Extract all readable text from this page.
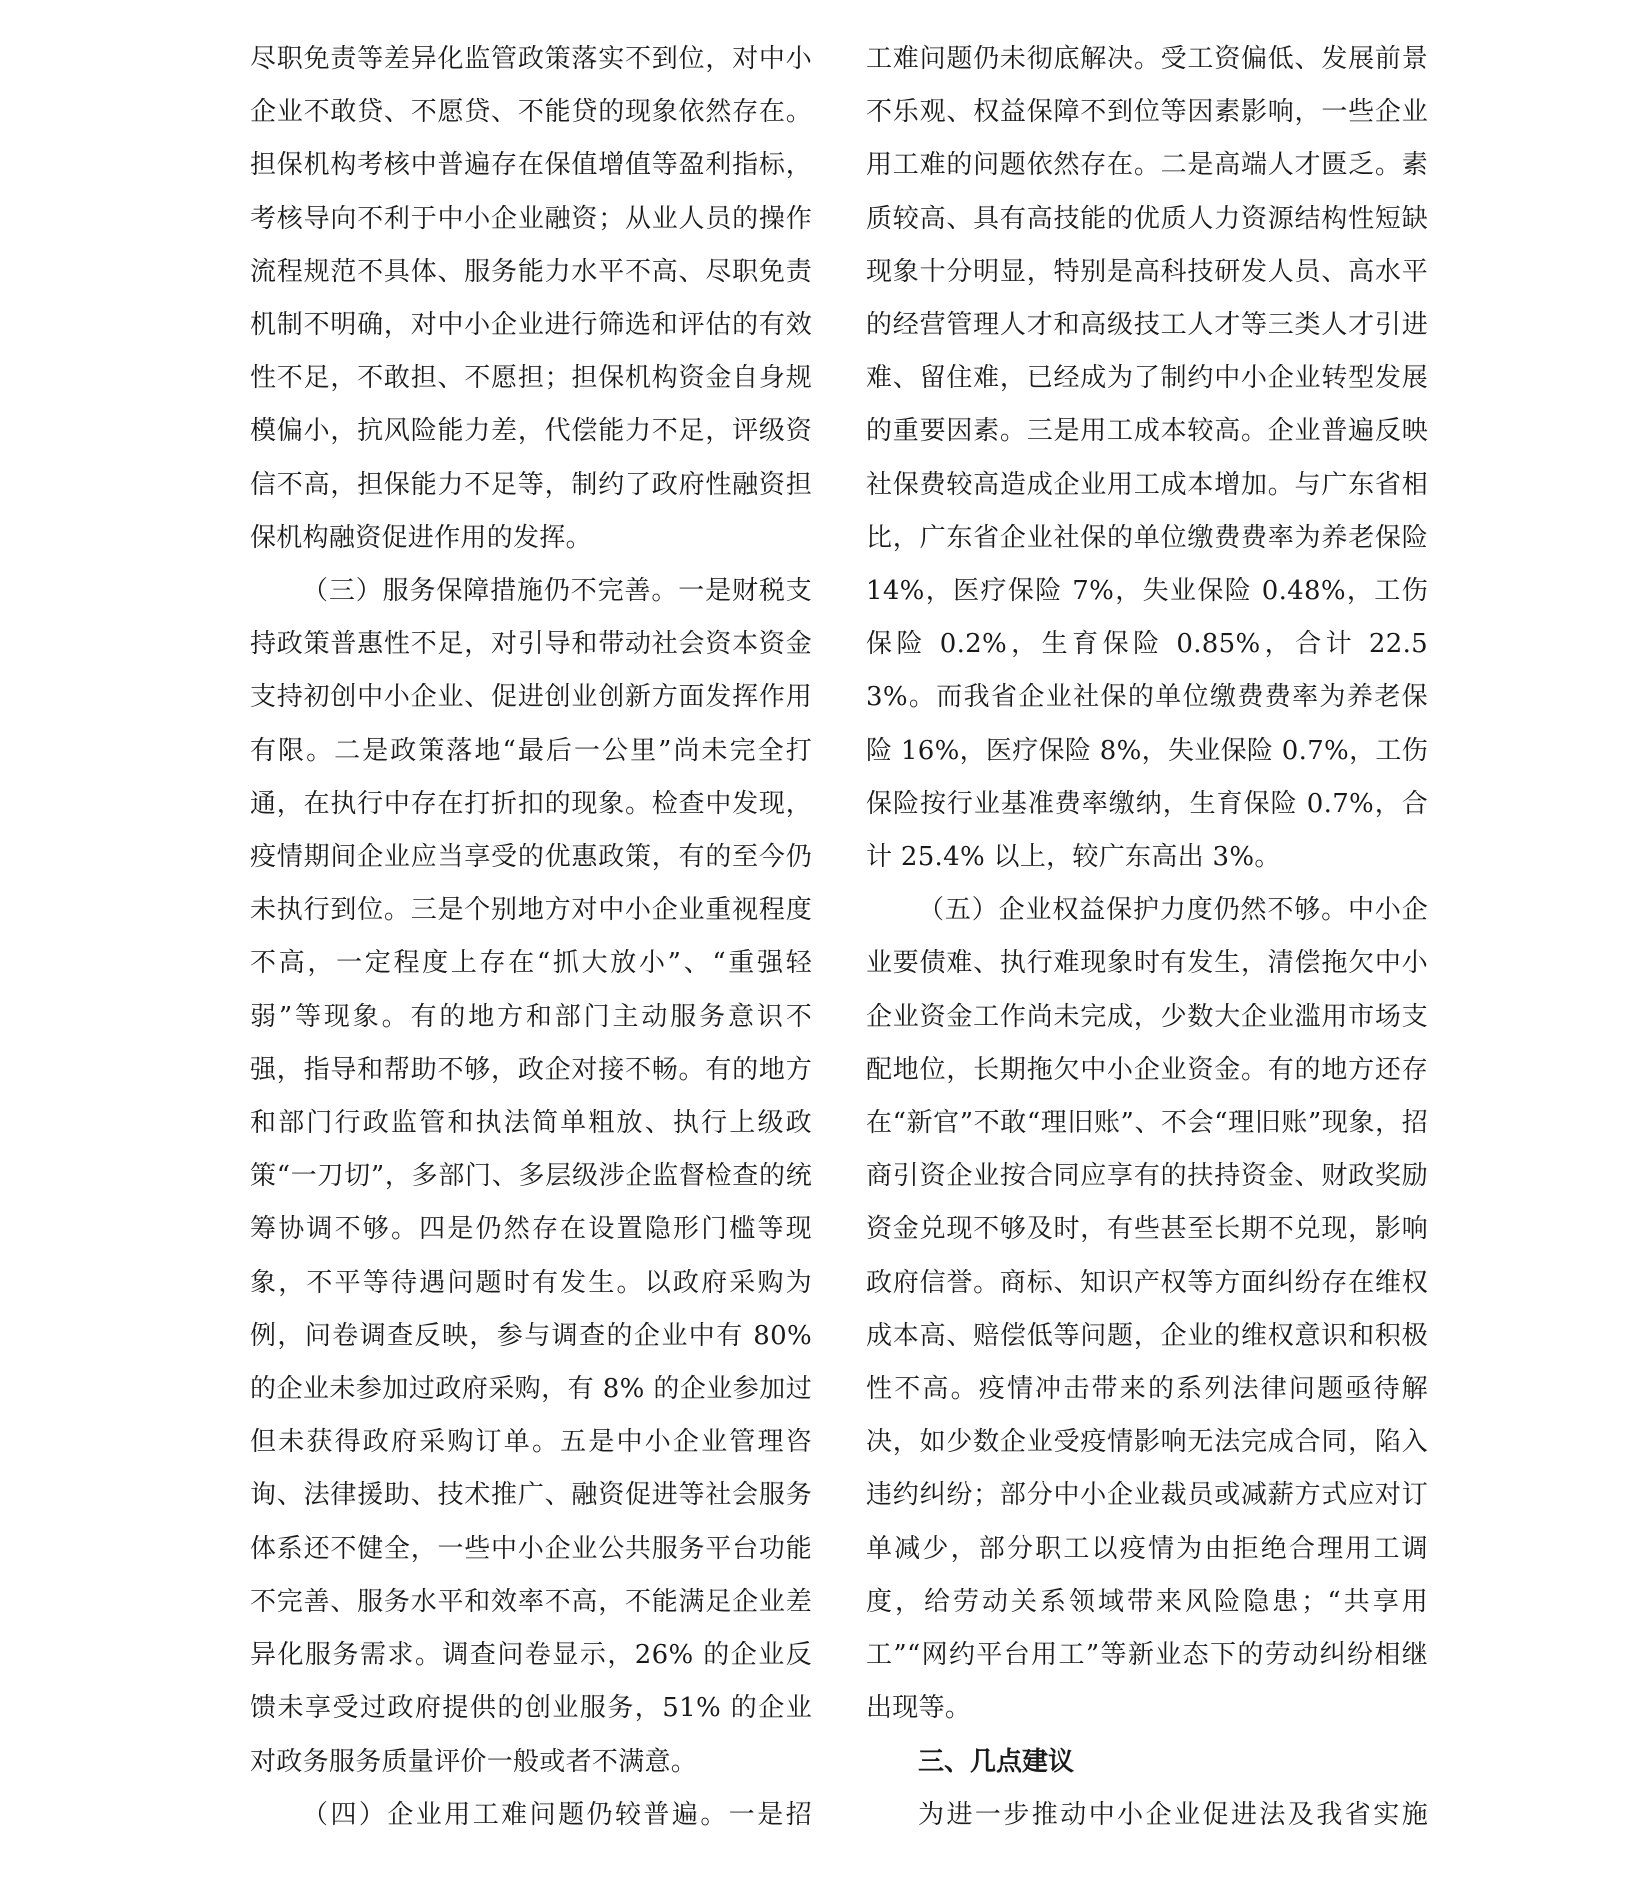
尽职免责等差异化监管政策落实不到位，对中小企业不敢贷、不愿贷、不能贷的现象依然存在。担保机构考核中普遍存在保值增值等盈利指标，考核导向不利于中小企业融资；从业人员的操作流程规范不具体、服务能力水平不高、尽职免责机制不明确，对中小企业进行筛选和评估的有效性不足，不敢担、不愿担；担保机构资金自身规模偏小，抗风险能力差，代偿能力不足，评级资信不高，担保能力不足等，制约了政府性融资担保机构融资促进作用的发挥。

（三）服务保障措施仍不完善。一是财税支持政策普惠性不足，对引导和带动社会资本资金支持初创中小企业、促进创业创新方面发挥作用有限。二是政策落地“最后一公里”尚未完全打通，在执行中存在打折扣的现象。检查中发现，疫情期间企业应当享受的优惠政策，有的至今仍未执行到位。三是个别地方对中小企业重视程度不高，一定程度上存在“抓大放小”、“重强轻弱”等现象。有的地方和部门主动服务意识不强，指导和帮助不够，政企对接不畅。有的地方和部门行政监管和执法简单粗放、执行上级政策“一刀切”，多部门、多层级涉企监督检查的统筹协调不够。四是仍然存在设置隐形门槛等现象，不平等待遇问题时有发生。以政府采购为例，问卷调查反映，参与调查的企业中有 80% 的企业未参加过政府采购，有 8% 的企业参加过但未获得政府采购订单。五是中小企业管理咨询、法律援助、技术推广、融资促进等社会服务体系还不健全，一些中小企业公共服务平台功能不完善、服务水平和效率不高，不能满足企业差异化服务需求。调查问卷显示，26% 的企业反馈未享受过政府提供的创业服务，51% 的企业对政务服务质量评价一般或者不满意。

（四）企业用工难问题仍较普遍。一是招

工难问题仍未彻底解决。受工资偏低、发展前景不乐观、权益保障不到位等因素影响，一些企业用工难的问题依然存在。二是高端人才匮乏。素质较高、具有高技能的优质人力资源结构性短缺现象十分明显，特别是高科技研发人员、高水平的经营管理人才和高级技工人才等三类人才引进难、留住难，已经成为了制约中小企业转型发展的重要因素。三是用工成本较高。企业普遍反映社保费较高造成企业用工成本增加。与广东省相比，广东省企业社保的单位缴费费率为养老保险 14%，医疗保险 7%，失业保险 0.48%，工伤保险 0.2%，生育保险 0.85%，合计 22.53%。而我省企业社保的单位缴费费率为养老保险 16%，医疗保险 8%，失业保险 0.7%，工伤保险按行业基准费率缴纳，生育保险 0.7%，合计 25.4% 以上，较广东高出 3%。

（五）企业权益保护力度仍然不够。中小企业要债难、执行难现象时有发生，清偿拖欠中小企业资金工作尚未完成，少数大企业滥用市场支配地位，长期拖欠中小企业资金。有的地方还存在“新官”不敢“理旧账”、不会“理旧账”现象，招商引资企业按合同应享有的扶持资金、财政奖励资金兑现不够及时，有些甚至长期不兑现，影响政府信誉。商标、知识产权等方面纠纷存在维权成本高、赔偿低等问题，企业的维权意识和积极性不高。疫情冲击带来的系列法律问题亟待解决，如少数企业受疫情影响无法完成合同，陷入违约纠纷；部分中小企业裁员或减薪方式应对订单减少，部分职工以疫情为由拒绝合理用工调度，给劳动关系领域带来风险隐患；“共享用工”“网约平台用工”等新业态下的劳动纠纷相继出现等。

三、几点建议

为进一步推动中小企业促进法及我省实施
